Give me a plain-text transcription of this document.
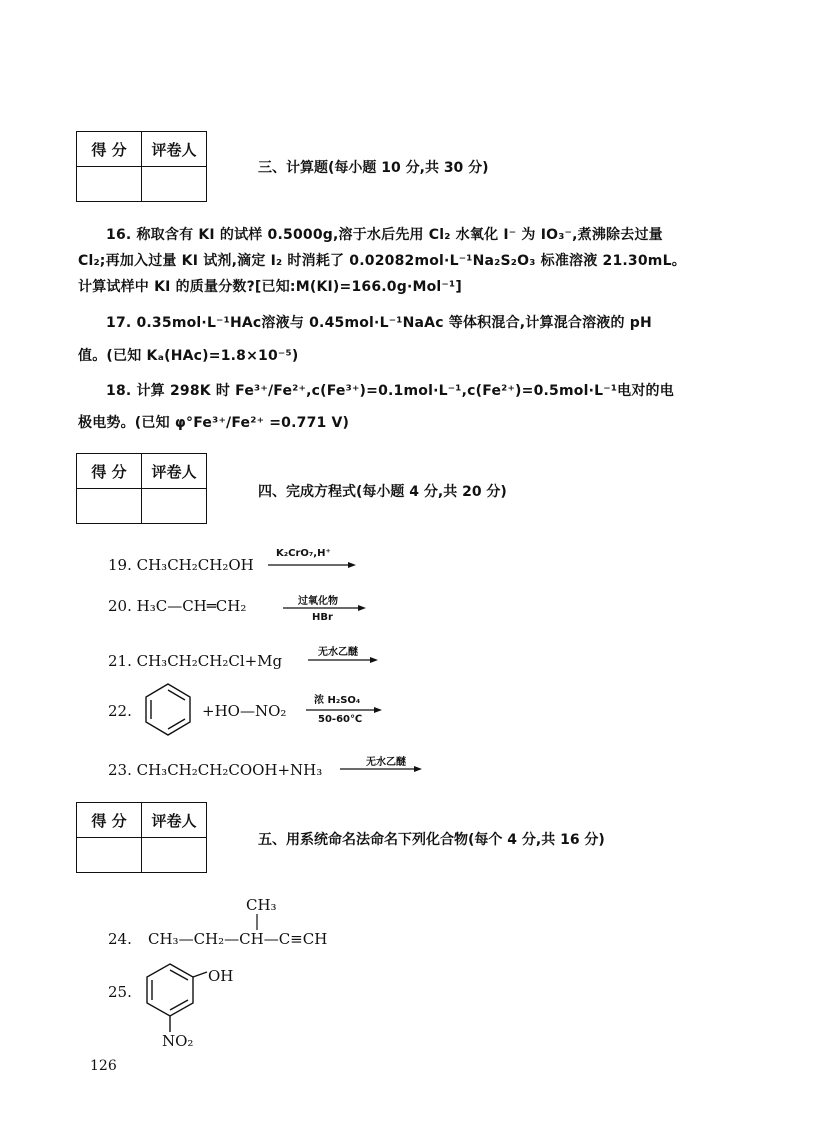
得 分	评卷人

三、计算题(每小题 10 分,共 30 分)
16. 称取含有 KI 的试样 0.5000g,溶于水后先用 Cl₂ 水氧化 I⁻ 为 IO₃⁻,煮沸除去过量
Cl₂;再加入过量 KI 试剂,滴定 I₂ 时消耗了 0.02082mol·L⁻¹Na₂S₂O₃ 标准溶液 21.30mL。
计算试样中 KI 的质量分数?[已知:M(KI)=166.0g·Mol⁻¹]
17. 0.35mol·L⁻¹HAc溶液与 0.45mol·L⁻¹NaAc 等体积混合,计算混合溶液的 pH
值。(已知 Kₐ(HAc)=1.8×10⁻⁵)
18. 计算 298K 时 Fe³⁺/Fe²⁺,c(Fe³⁺)=0.1mol·L⁻¹,c(Fe²⁺)=0.5mol·L⁻¹电对的电
极电势。(已知 φ°Fe³⁺/Fe²⁺ =0.771 V)
得 分	评卷人

四、完成方程式(每小题 4 分,共 20 分)
19. CH₃CH₂CH₂OH
K₂CrO₇,H⁺
20. H₃C—CH═CH₂	过氧化物
HBr
21. CH₃CH₂CH₂Cl+Mg	无水乙醚
22.	+HO—NO₂
浓 H₂SO₄
50-60℃
23. CH₃CH₂CH₂COOH+NH₃	无水乙醚
得 分	评卷人

五、用系统命名法命名下列化合物(每个 4 分,共 16 分)
CH₃
24. CH₃—CH₂—CH—C≡CH
25.
OH
NO₂
126
